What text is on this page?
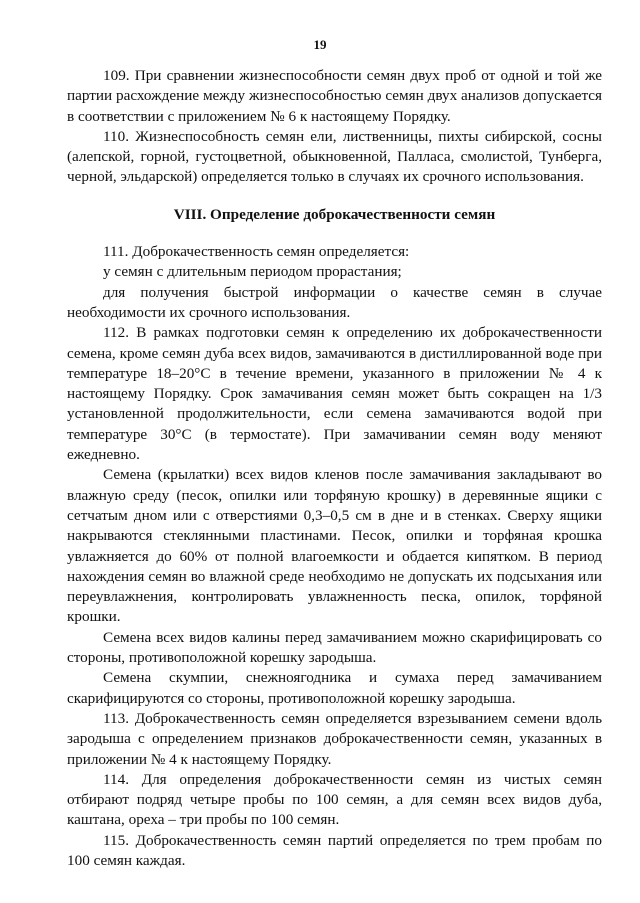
19

109. При сравнении жизнеспособности семян двух проб от одной и той же партии расхождение между жизнеспособностью семян двух анализов допускается в соответствии с приложением № 6 к настоящему Порядку.

110. Жизнеспособность семян ели, лиственницы, пихты сибирской, сосны (алепской, горной, густоцветной, обыкновенной, Палласа, смолистой, Тунберга, черной, эльдарской) определяется только в случаях их срочного использования.

VIII. Определение доброкачественности семян

111. Доброкачественность семян определяется:

у семян с длительным периодом прорастания;

для получения быстрой информации о качестве семян в случае необходимости их срочного использования.

112. В рамках подготовки семян к определению их доброкачественности семена, кроме семян дуба всех видов, замачиваются в дистиллированной воде при температуре 18–20°С в течение времени, указанного в приложении № 4 к настоящему Порядку. Срок замачивания семян может быть сокращен на 1/3 установленной продолжительности, если семена замачиваются водой при температуре 30°С (в термостате). При замачивании семян воду меняют ежедневно.

Семена (крылатки) всех видов кленов после замачивания закладывают во влажную среду (песок, опилки или торфяную крошку) в деревянные ящики с сетчатым дном или с отверстиями 0,3–0,5 см в дне и в стенках. Сверху ящики накрываются стеклянными пластинами. Песок, опилки и торфяная крошка увлажняется до 60% от полной влагоемкости и обдается кипятком. В период нахождения семян во влажной среде необходимо не допускать их подсыхания или переувлажнения, контролировать увлажненность песка, опилок, торфяной крошки.

Семена всех видов калины перед замачиванием можно скарифицировать со стороны, противоположной корешку зародыша.

Семена скумпии, снежноягодника и сумаха перед замачиванием скарифицируются со стороны, противоположной корешку зародыша.

113. Доброкачественность семян определяется взрезыванием семени вдоль зародыша с определением признаков доброкачественности семян, указанных в приложении № 4 к настоящему Порядку.

114. Для определения доброкачественности семян из чистых семян отбирают подряд четыре пробы по 100 семян, а для семян всех видов дуба, каштана, ореха – три пробы по 100 семян.

115. Доброкачественность семян партий определяется по трем пробам по 100 семян каждая.
